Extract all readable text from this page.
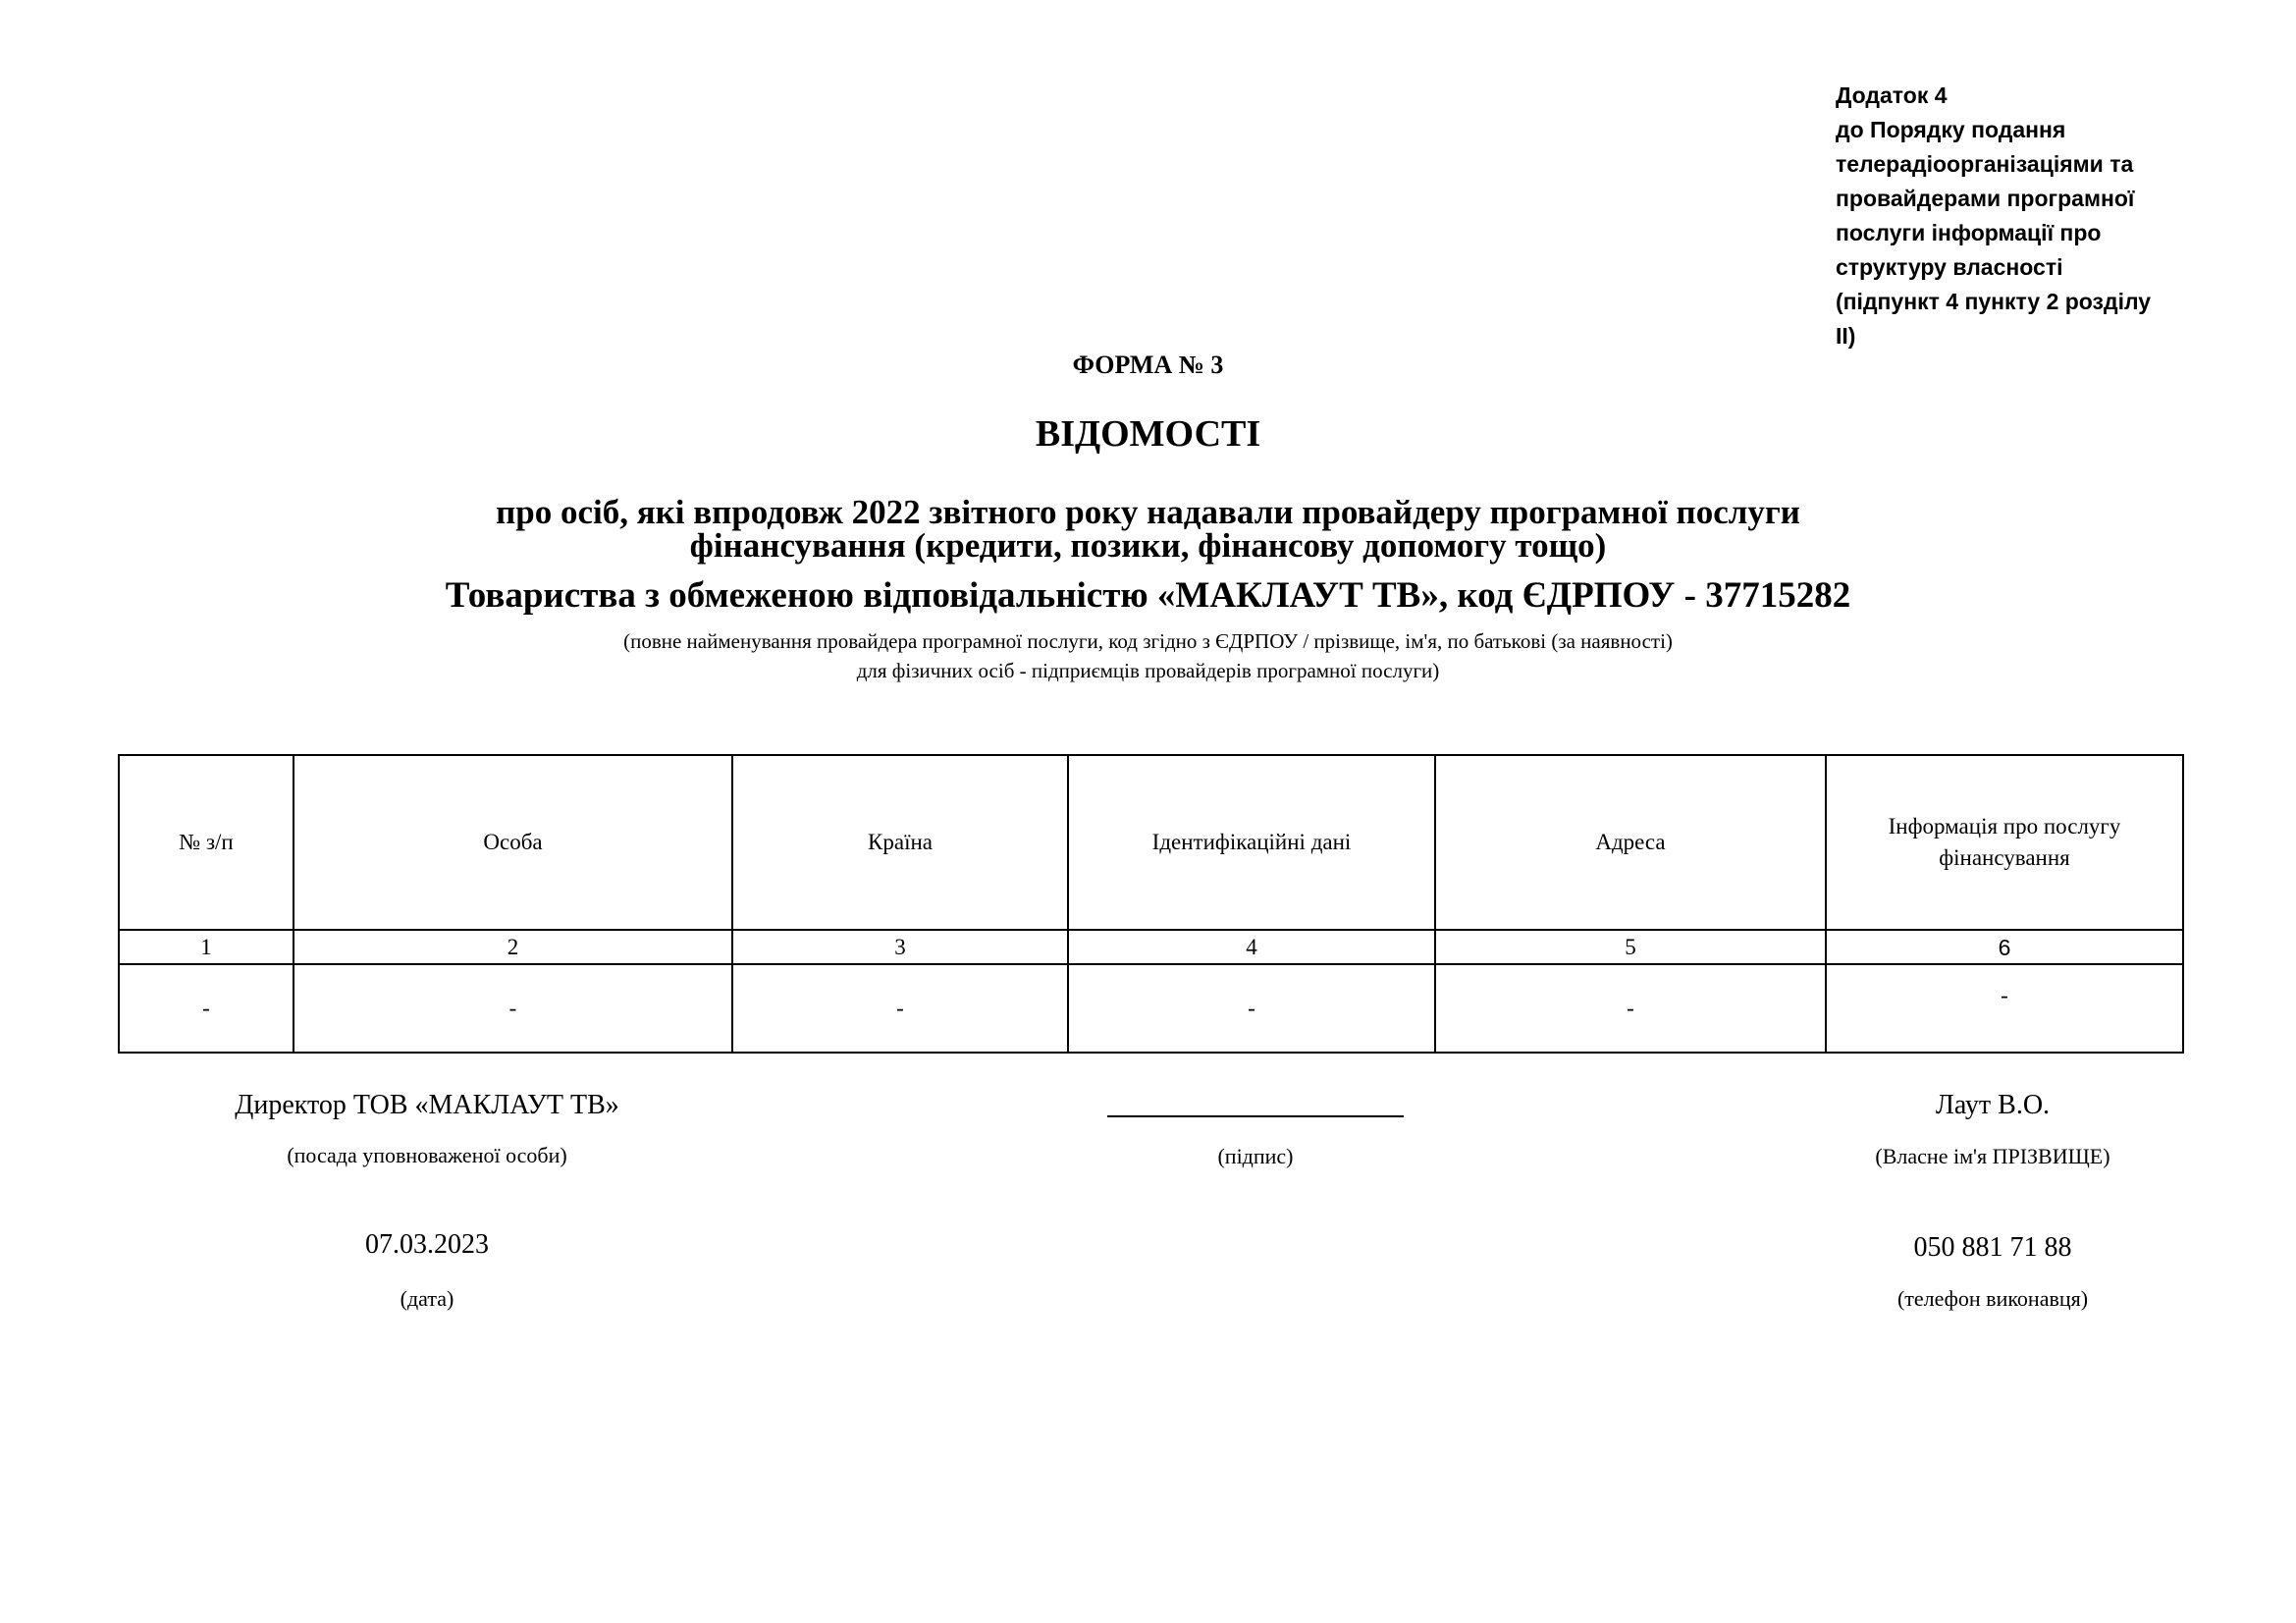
Додаток 4
до Порядку подання
телерадіоорганізаціями та
провайдерами програмної
послуги інформації про
структуру власності
(підпункт 4 пункту 2 розділу
ІІ)
ФОРМА № 3
ВІДОМОСТІ
про осіб, які впродовж 2022 звітного року надавали провайдеру програмної послуги
фінансування (кредити, позики, фінансову допомогу тощо)
Товариства з обмеженою відповідальністю «МАКЛАУТ ТВ», код ЄДРПОУ - 37715282
(повне найменування провайдера програмної послуги, код згідно з ЄДРПОУ / прізвище, ім'я, по батькові (за наявності)
для фізичних осіб - підприємців провайдерів програмної послуги)
№ з/п	Особа	Країна	Ідентифікаційні дані	Адреса	Інформація про послугу фінансування
1	2	3	4	5	6
-	-	-	-	-	-
Директор ТОВ «МАКЛАУТ ТВ»
(посада уповноваженої особи)	(підпис)
Лаут В.О.
(Власне ім'я ПРІЗВИЩЕ)
07.03.2023
(дата)
050 881 71 88
(телефон виконавця)
